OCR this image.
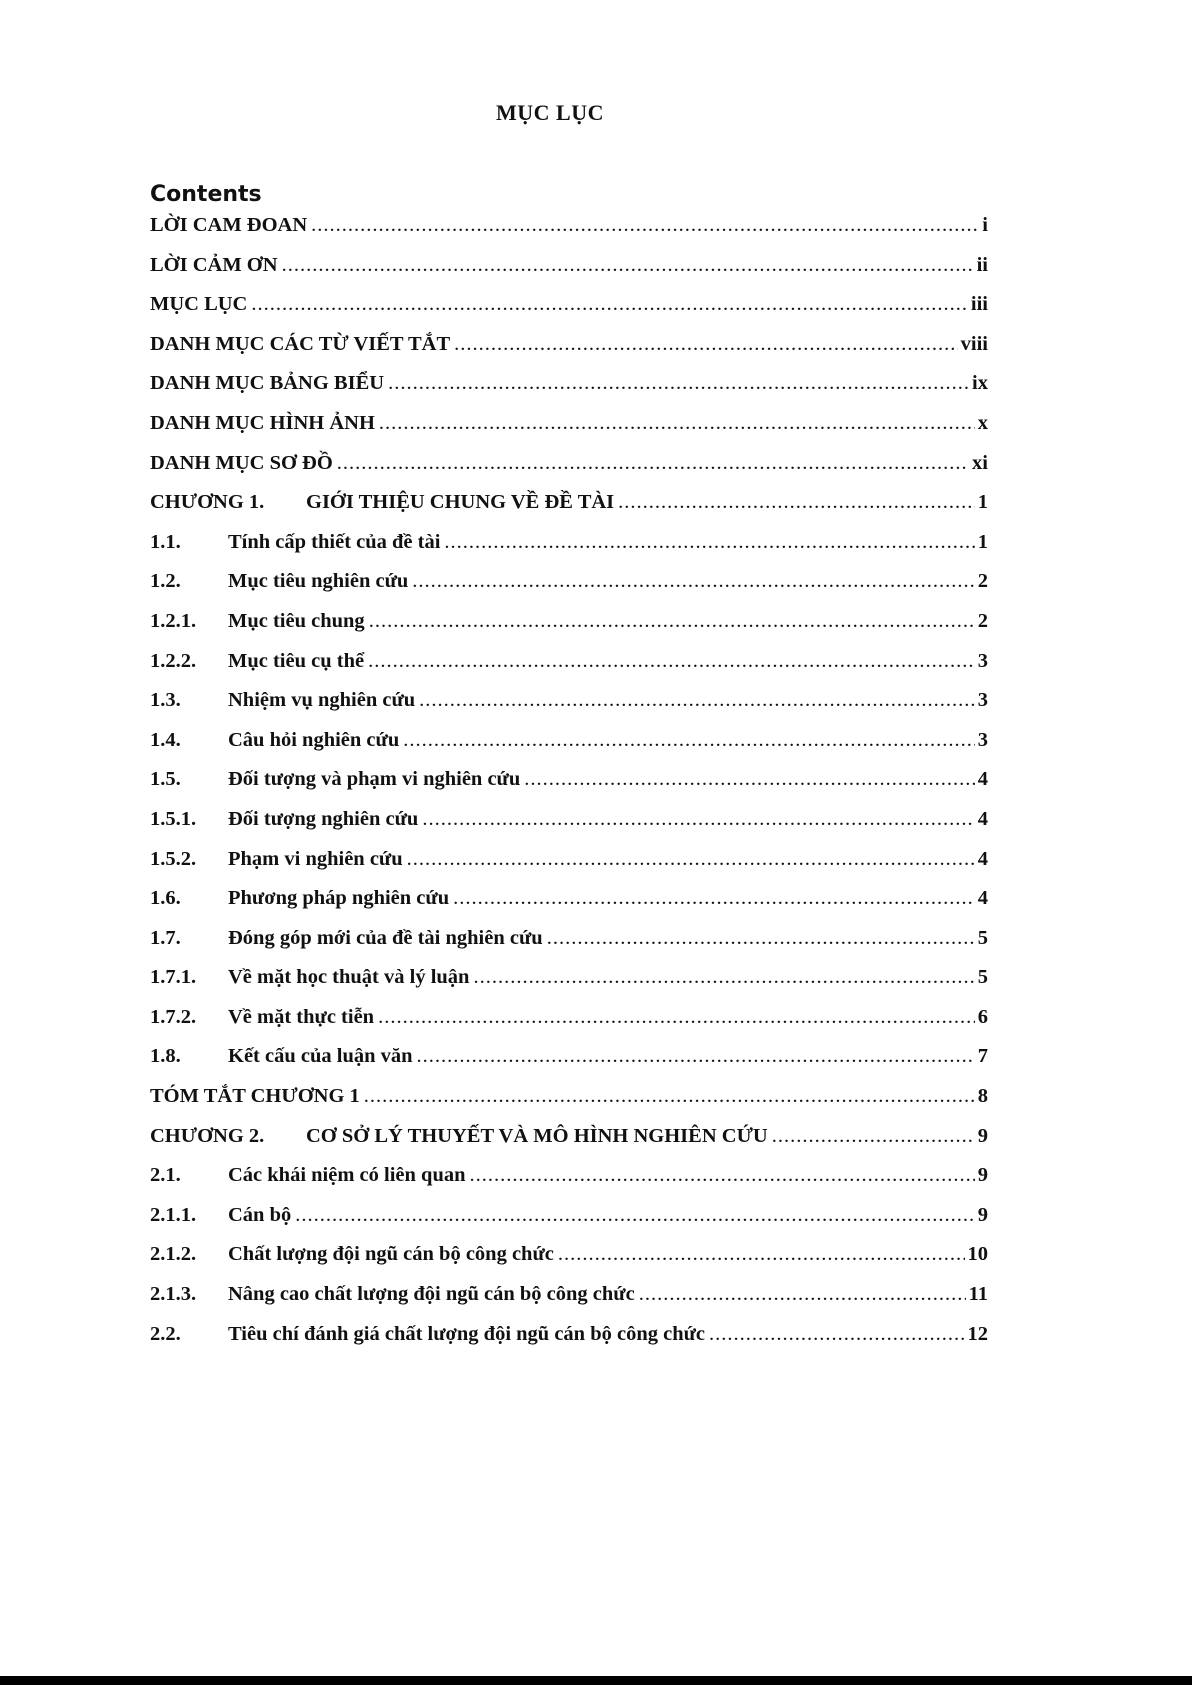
MỤC LỤC
Contents
LỜI CAM ĐOAN .....	i
LỜI CẢM ƠN .....	ii
MỤC LỤC .....	iii
DANH MỤC CÁC TỪ VIẾT TẮT .....	viii
DANH MỤC BẢNG BIỂU .....	ix
DANH MỤC HÌNH ẢNH .....	x
DANH MỤC SƠ ĐỒ .....	xi
CHƯƠNG 1.	GIỚI THIỆU CHUNG VỀ ĐỀ TÀI .....	1
1.1.	Tính cấp thiết của đề tài .....	1
1.2.	Mục tiêu nghiên cứu .....	2
1.2.1.	Mục tiêu chung .....	2
1.2.2.	Mục tiêu cụ thể .....	3
1.3.	Nhiệm vụ nghiên cứu .....	3
1.4.	Câu hỏi nghiên cứu .....	3
1.5.	Đối tượng và phạm vi nghiên cứu .....	4
1.5.1.	Đối tượng nghiên cứu .....	4
1.5.2.	Phạm vi nghiên cứu .....	4
1.6.	Phương pháp nghiên cứu .....	4
1.7.	Đóng góp mới của đề tài nghiên cứu .....	5
1.7.1.	Về mặt học thuật và lý luận .....	5
1.7.2.	Về mặt thực tiễn .....	6
1.8.	Kết cấu của luận văn .....	7
TÓM TẮT CHƯƠNG 1 .....	8
CHƯƠNG 2.	CƠ SỞ LÝ THUYẾT VÀ MÔ HÌNH NGHIÊN CỨU .....	9
2.1.	Các khái niệm có liên quan .....	9
2.1.1.	Cán bộ .....	9
2.1.2.	Chất lượng đội ngũ cán bộ công chức .....	10
2.1.3.	Nâng cao chất lượng đội ngũ cán bộ công chức .....	11
2.2.	Tiêu chí đánh giá chất lượng đội ngũ cán bộ công chức .....	12
